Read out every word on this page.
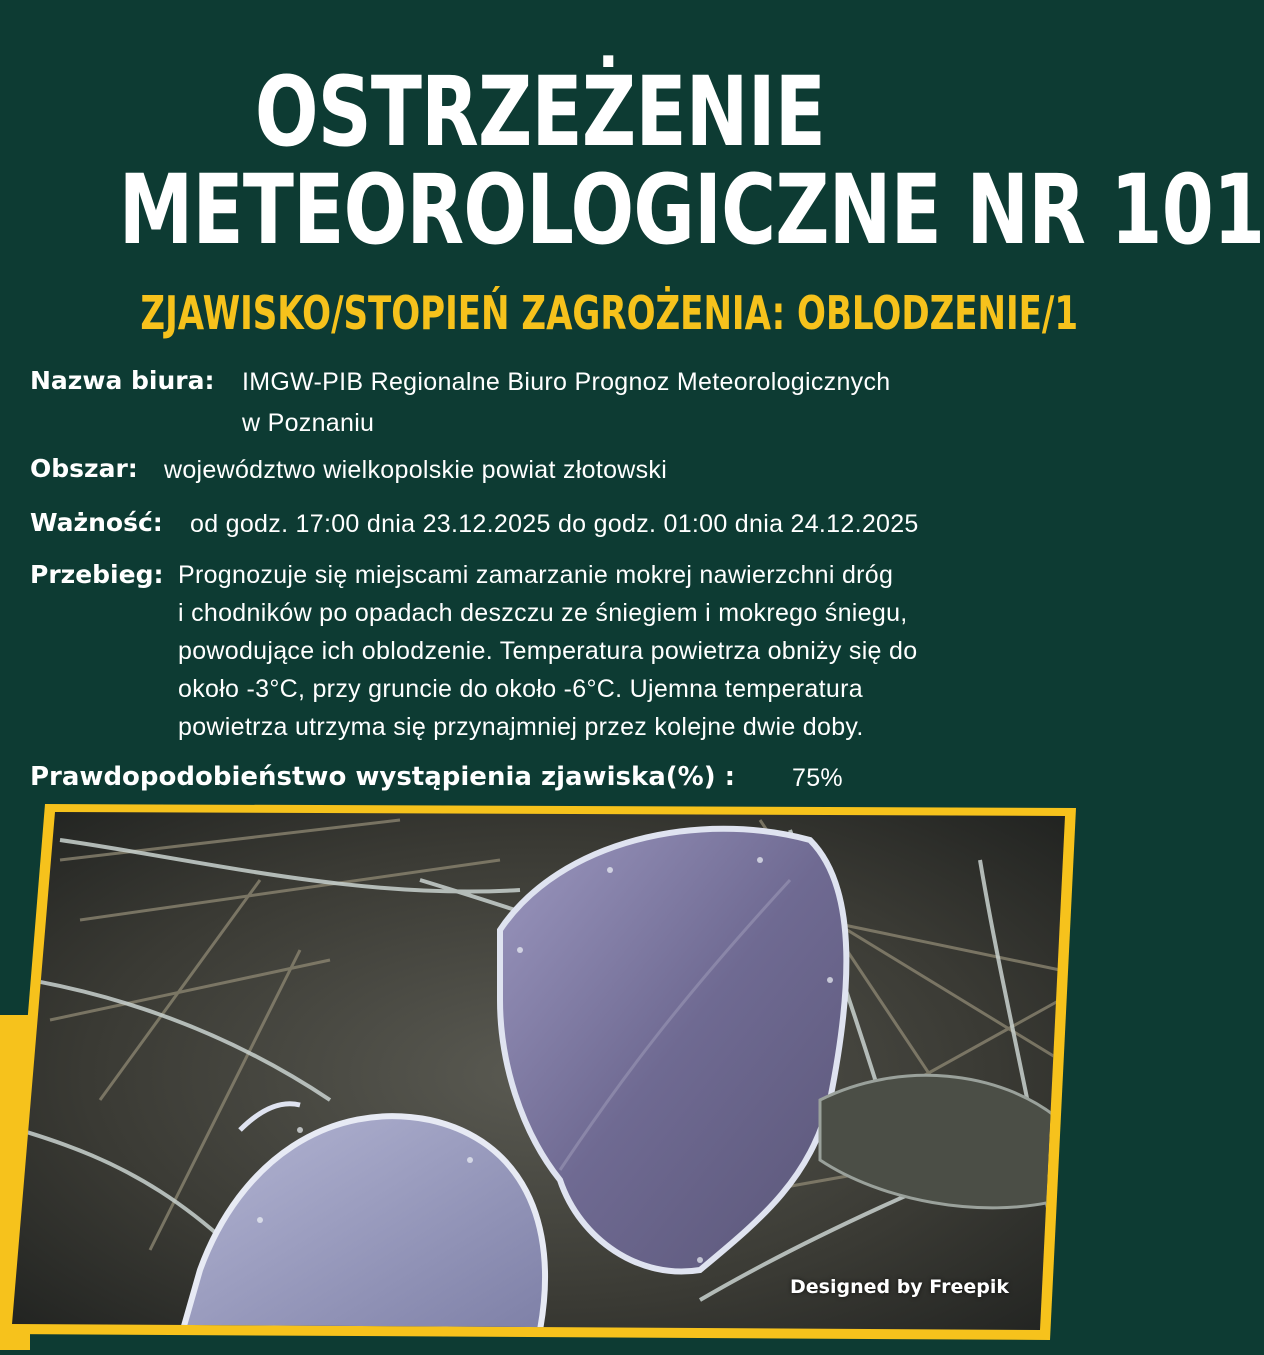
OSTRZEŻENIE
METEOROLOGICZNE NR 101
ZJAWISKO/STOPIEŃ ZAGROŻENIA: OBLODZENIE/1
Nazwa biura: IMGW-PIB Regionalne Biuro Prognoz Meteorologicznych
w Poznaniu
Obszar: województwo wielkopolskie powiat złotowski
Ważność: od godz. 17:00 dnia 23.12.2025 do godz. 01:00 dnia 24.12.2025
Przebieg: Prognozuje się miejscami zamarzanie mokrej nawierzchni dróg
i chodników po opadach deszczu ze śniegiem i mokrego śniegu,
powodujące ich oblodzenie. Temperatura powietrza obniży się do
około -3°C, przy gruncie do około -6°C. Ujemna temperatura
powietrza utrzyma się przynajmniej przez kolejne dwie doby.
Prawdopodobieństwo wystąpienia zjawiska(%) : 75%
Designed by Freepik
